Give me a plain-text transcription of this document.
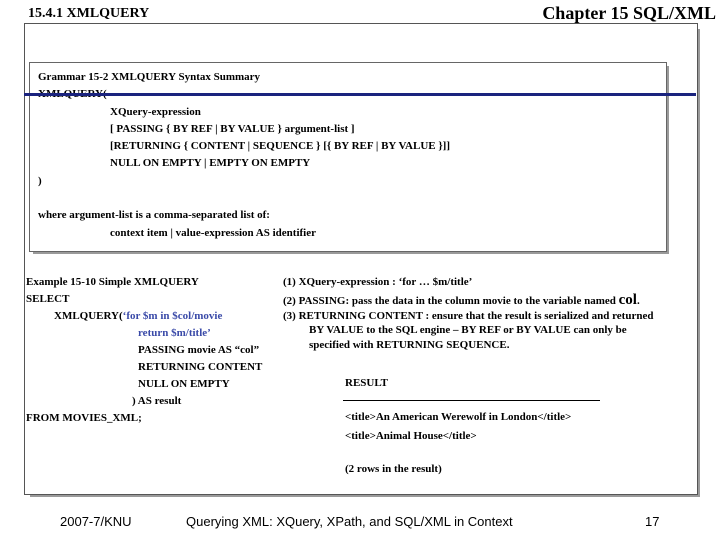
15.4.1 XMLQUERY	Chapter 15 SQL/XML
Grammar 15-2 XMLQUERY Syntax Summary
XQuery-expression
[ PASSING { BY REF | BY VALUE } argument-list ]
[RETURNING { CONTENT | SEQUENCE } [{ BY REF | BY VALUE }]]
NULL ON EMPTY | EMPTY ON EMPTY
)
where argument-list is a comma-separated list of:
context item | value-expression AS identifier
Example 15-10 Simple XMLQUERY
SELECT
XMLQUERY(‘for $m in $col/movie
return $m/title’
PASSING movie AS “col”
RETURNING CONTENT
NULL ON EMPTY
) AS result
FROM MOVIES_XML;
(1) XQuery-expression : ‘for … $m/title’
(2) PASSING: pass the data in the column movie to the variable named col.
(3) RETURNING CONTENT : ensure that the result is serialized and returned
BY VALUE to the SQL engine – BY REF or BY VALUE can only be
specified with RETURNING SEQUENCE.
RESULT
<title>An American Werewolf in London</title>
<title>Animal House</title>
(2 rows in the result)
2007-7/KNU	Querying XML: XQuery, XPath, and SQL/XML in Context	17
